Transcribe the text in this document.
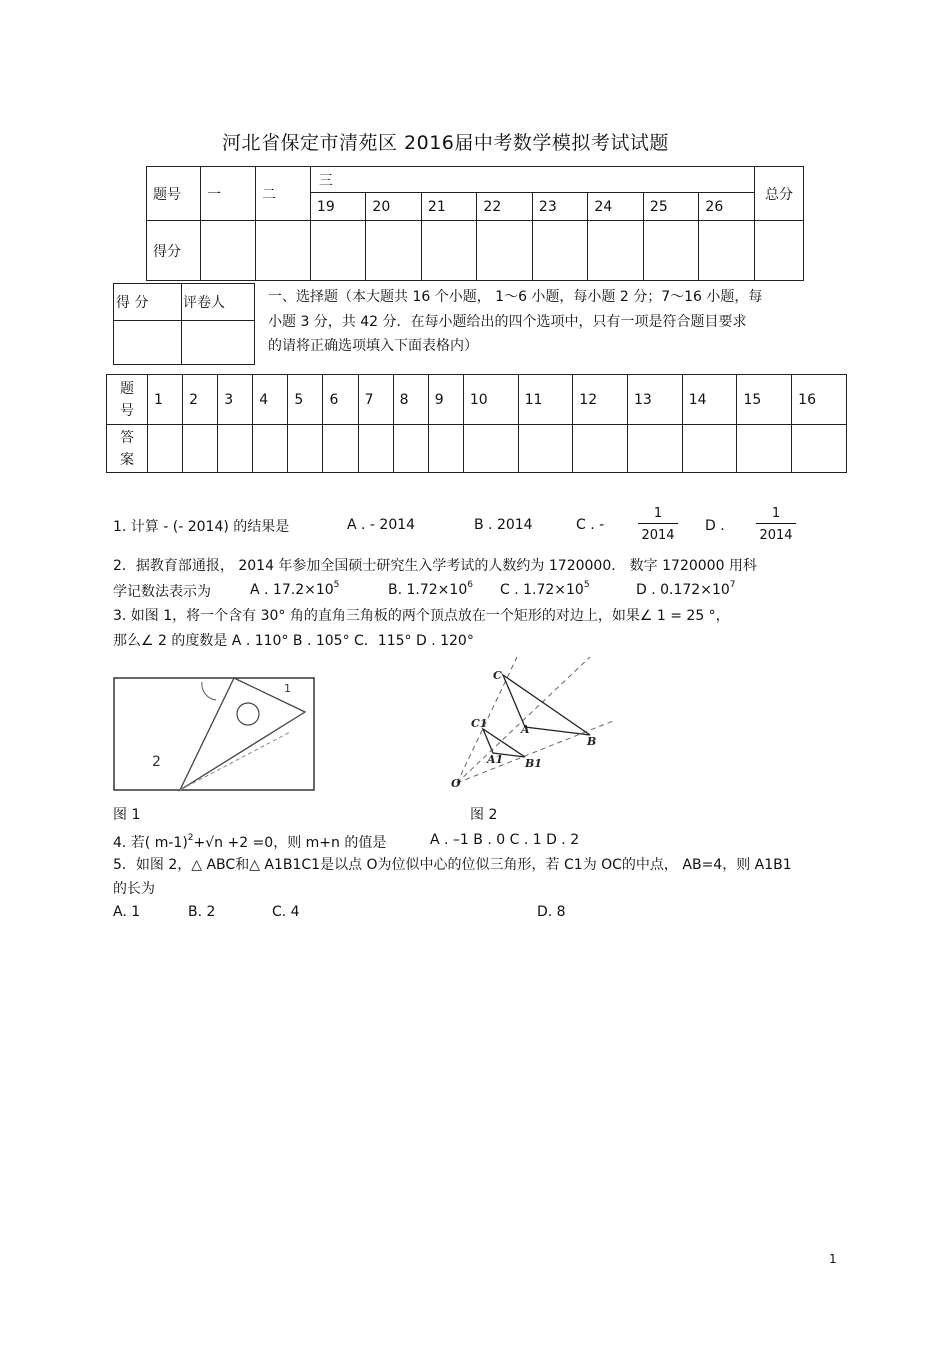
河北省保定市清苑区 2016届中考数学模拟考试试题
题号	一	二	三								总分
			19	20	21	22	23	24	25	26	
得分											
得 分	评卷人
		一、选择题（本大题共 16 个小题， 1～6 小题，每小题 2 分；7～16 小题，每
小题 3 分，共 42 分．在每小题给出的四个选项中，只有一项是符合题目要求
的请将正确选项填入下面表格内）
题
号	1	2	3	4	5	6	7	8	9	10	11	12	13	14	15	16
答
案																
1. 计算 - (- 2014) 的结果是	A . - 2014	B . 2014	C . -	$\frac{1}{2014}$ D . $\frac{1}{2014}$
2．据教育部通报， 2014 年参加全国硕士研究生入学考试的人数约为 1720000． 数字 1720000 用科
学记数法表示为	A . $17.2\times 10^5$	B. $1.72\times 10^6$ C . $1.72\times 10^5$	D . $0.172\times 10^7$
3. 如图 1，将一个含有 30° 角的直角三角板的两个顶点放在一个矩形的对边上，如果∠ 1 = 25 °，
那么∠ 2 的度数是 A . 110° B . 105° C．115° D . 120°
1
2
C
A
B
C1
A1 B1
O
图 1	图 2
4. 若( m-1)$^2$+√n +2 =0，则 m+n 的值是	A . –1 B . 0 C . 1 D . 2
5．如图 2，△ ABC和△ A1B1C1是以点 O为位似中心的位似三角形，若 C1为 OC的中点， AB=4，则 A1B1
的长为
A. 1	B. 2	C. 4	D. 8
1
